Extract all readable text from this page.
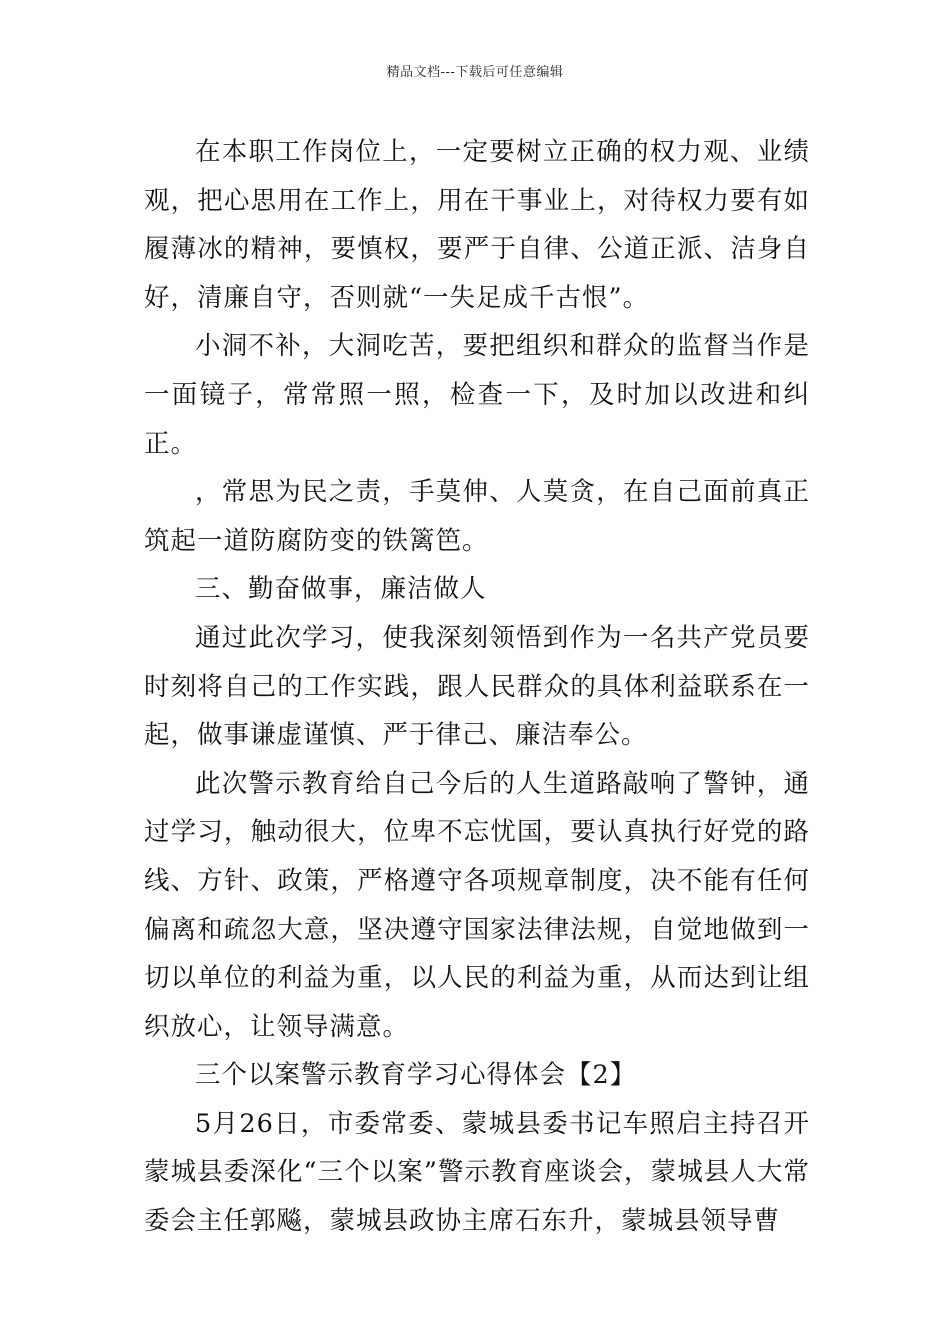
精品文档---下载后可任意编辑

在本职工作岗位上，一定要树立正确的权力观、业绩观，把心思用在工作上，用在干事业上，对待权力要有如履薄冰的精神，要慎权，要严于自律、公道正派、洁身自好，清廉自守，否则就“一失足成千古恨”。

小洞不补，大洞吃苦，要把组织和群众的监督当作是一面镜子，常常照一照，检查一下，及时加以改进和纠正。

，常思为民之责，手莫伸、人莫贪，在自己面前真正筑起一道防腐防变的铁篱笆。

三、勤奋做事，廉洁做人

通过此次学习，使我深刻领悟到作为一名共产党员要时刻将自己的工作实践，跟人民群众的具体利益联系在一起，做事谦虚谨慎、严于律己、廉洁奉公。

此次警示教育给自己今后的人生道路敲响了警钟，通过学习，触动很大，位卑不忘忧国，要认真执行好党的路线、方针、政策，严格遵守各项规章制度，决不能有任何偏离和疏忽大意，坚决遵守国家法律法规，自觉地做到一切以单位的利益为重，以人民的利益为重，从而达到让组织放心，让领导满意。

三个以案警示教育学习心得体会【2】

5月26日，市委常委、蒙城县委书记车照启主持召开蒙城县委深化“三个以案”警示教育座谈会，蒙城县人大常委会主任郭飚，蒙城县政协主席石东升，蒙城县领导曹
